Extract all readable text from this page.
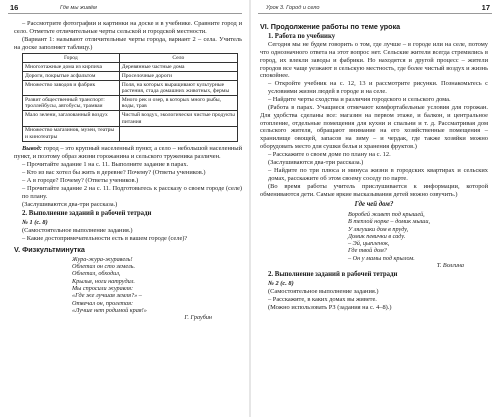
16	Где мы живём

– Рассмотрите фотографии и картинки на доске и в учебнике. Сравните город и село. Отметьте отличительные черты сельской и городской местности.

(Вариант 1: называют отличительные черты города, вариант 2 – села. Учитель на доске заполняет таблицу.)

Город	Село
Многоэтажные дома из кирпича	Деревянные частные дома
Дороги, покрытые асфальтом	Проселочные дороги
Множество заводов и фабрик	Поля, на которых выращивают культурные растения, стада домашних животных, фермы
Развит общественный транспорт: троллейбусы, автобусы, трамваи	Много рек и озер, в которых много рыбы, воды, трав
Мало зелени, загазованный воздух	Чистый воздух, экологически чистые продукты питания
Множество магазинов, музеи, театры и кинотеатры	

Вывод: город – это крупный населенный пункт, а село – небольшой населенный пункт, и поэтому образ жизни горожанина и сельского труженика различен.

– Прочитайте задание 1 на с. 11. Выполните задание в парах.

– Кто из вас хотел бы жить в деревне? Почему? (Ответы учеников.)

– А в городе? Почему? (Ответы учеников.)

– Прочитайте задание 2 на с. 11. Подготовьтесь к рассказу о своем городе (селе) по плану.

(Заслушиваются два-три рассказа.)

2. Выполнение заданий в рабочей тетради

№ 1 (с. 8)

(Самостоятельное выполнение задания.)

– Какие достопримечательности есть в вашем городе (селе)?

V. Физкультминутка
Жура-жура-журавель!
Облетал он сто земель.
Облетал, обходил,
Крылья, ноги натрудил.
Мы спросили журавля:
«Где же лучшая земля?» –
Отвечал он, пролетая:
«Лучше нет родимой края!»
Г. Граубин
Урок 3. Город и село	17
VI. Продолжение работы по теме урока
1. Работа по учебнику

Сегодня мы не будем говорить о том, где лучше – в городе или на селе, потому что однозначного ответа на этот вопрос нет. Сельские жители всегда стремились в город, их влекли заводы и фабрики. Но находятся и другой процесс – жители городов все чаще уезжают в сельскую местность, где более чистый воздух и жизнь спокойнее.

– Откройте учебник на с. 12, 13 и рассмотрите рисунки. Познакомьтесь с условиями жизни людей в городе и на селе.

– Найдите черты сходства и различия городского и сельского дома.

(Работа в парах. Учащиеся отмечают комфортабельные условия для горожан. Для удобства сделаны все: магазин на первом этаже, и балкон, и центральное отопление, отдельные помещения для кухни и спальни и т. д. Рассматривая дом сельского жителя, обращают внимание на его хозяйственные помещения – хранилище овощей, запасов на зиму – и чердак, где также хозяйки можно оборудовать место для сушки белья и хранения фруктов.)

– Расскажите о своем доме по плану на с. 12.

(Заслушиваются два-три рассказа.)

– Найдите по три плюса и минуса жизни в городских квартирах и сельских домах, расскажите об этом своему соседу по парте.

(Во время работы учитель прислушивается к информации, которой обмениваются дети. Самые яркие высказывания детей можно озвучить.)

Где чей дом?
Воробей живет под крышей,
В теплой норке – домик мыши,
У лягушки дом в пруду,
Домик певички в саду.
– Эй, цыпленок,
Где твой дом?
– Он у мамы под крылом.
Т. Волгина
2. Выполнение заданий в рабочей тетради

№ 2 (с. 8)

(Самостоятельное выполнение задания.)

– Расскажите, в каких домах вы живете.

(Можно использовать РЗ (задания на с. 4–8).)
